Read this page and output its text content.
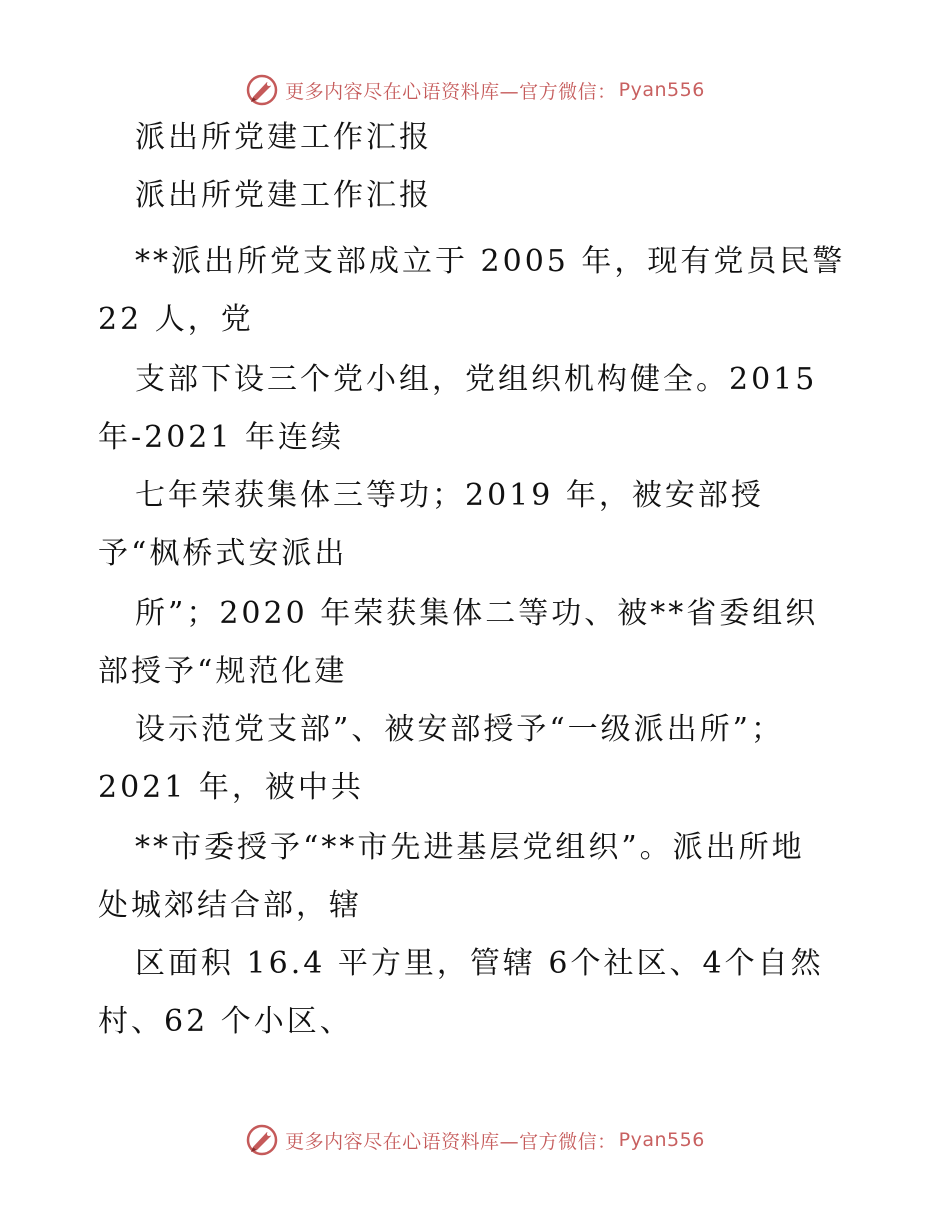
更多内容尽在心语资料库—官方微信： Pyan556
派出所党建工作汇报
派出所党建工作汇报
**派出所党支部成立于 2005 年，现有党员民警
22 人，党
支部下设三个党小组，党组织机构健全。2015
年-2021 年连续
七年荣获集体三等功；2019 年，被安部授
予“枫桥式安派出
所”；2020 年荣获集体二等功、被**省委组织
部授予“规范化建
设示范党支部”、被安部授予“一级派出所”；
2021 年，被中共
**市委授予“**市先进基层党组织”。派出所地
处城郊结合部，辖
区面积 16.4 平方里，管辖 6个社区、4个自然
村、62 个小区、
更多内容尽在心语资料库—官方微信： Pyan556
